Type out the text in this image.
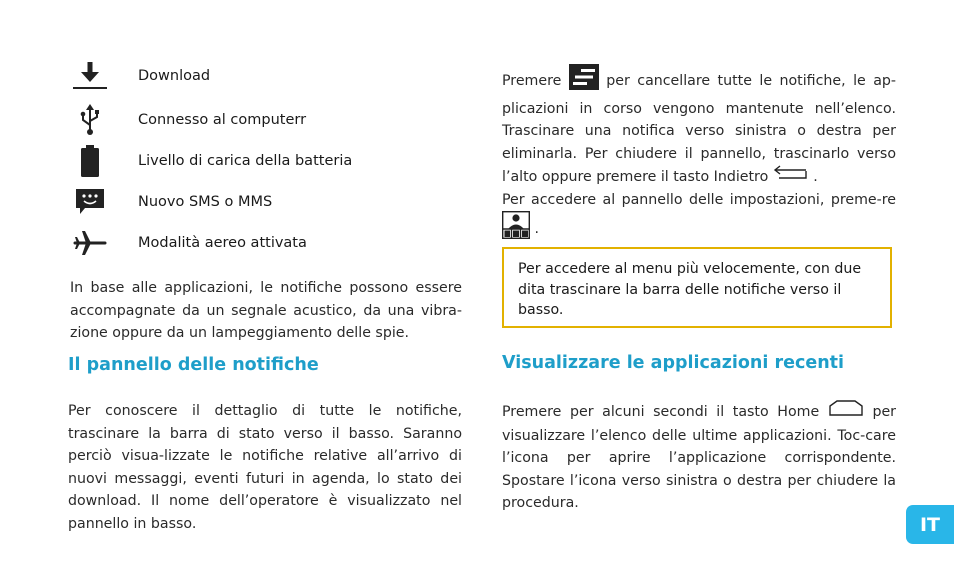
Download
Connesso al computerr
Livello di carica della batteria
Nuovo SMS o MMS
Modalità aereo attivata

In base alle applicazioni, le notifiche possono essere accompagnate da un segnale acustico, da una vibra-zione oppure da un lampeggiamento delle spie.

Il pannello delle notifiche

Per conoscere il dettaglio di tutte le notifiche, trascinare la barra di stato verso il basso. Saranno perciò visua-lizzate le notifiche relative all’arrivo di nuovi messaggi, eventi futuri in agenda, lo stato dei download. Il nome dell’operatore è visualizzato nel pannello in basso.

Premere	per cancellare tutte le notifiche, le ap-plicazioni in corso vengono mantenute nell’elenco. Trascinare una notifica verso sinistra o destra per eliminarla. Per chiudere il pannello, trascinarlo verso l’alto oppure premere il tasto Indietro	.
Per accedere al pannello delle impostazioni, preme-re  .

Visualizzare le applicazioni recenti

Premere per alcuni secondi il tasto Home	per visualizzare l’elenco delle ultime applicazioni. Toc-care l’icona per aprire l’applicazione corrispondente. Spostare l’icona verso sinistra o destra per chiudere la procedura.

Per accedere al menu più velocemente, con due dita trascinare la barra delle notifiche verso il basso.
IT
